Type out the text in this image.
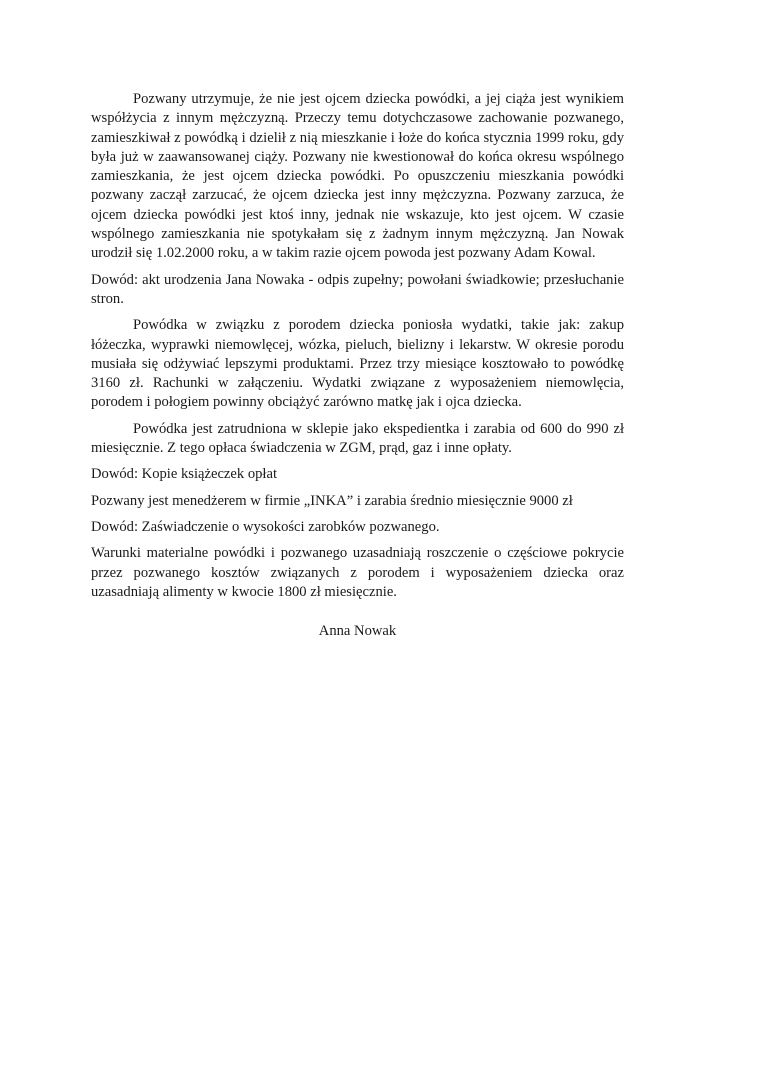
Pozwany utrzymuje, że nie jest ojcem dziecka powódki, a jej ciąża jest wynikiem współżycia z innym mężczyzną. Przeczy temu dotychczasowe zachowanie pozwanego, zamieszkiwał z powódką i dzielił z nią mieszkanie i łoże do końca stycznia 1999 roku, gdy była już w zaawansowanej ciąży. Pozwany nie kwestionował do końca okresu wspólnego zamieszkania, że jest ojcem dziecka powódki. Po opuszczeniu mieszkania powódki pozwany zaczął zarzucać, że ojcem dziecka jest inny mężczyzna. Pozwany zarzuca, że ojcem dziecka powódki jest ktoś inny, jednak nie wskazuje, kto jest ojcem. W czasie wspólnego zamieszkania nie spotykałam się z żadnym innym mężczyzną. Jan Nowak urodził się 1.02.2000 roku, a w takim razie ojcem powoda jest pozwany Adam Kowal.

Dowód: akt urodzenia Jana Nowaka - odpis zupełny; powołani świadkowie; przesłuchanie stron.

Powódka w związku z porodem dziecka poniosła wydatki, takie jak: zakup łóżeczka, wyprawki niemowlęcej, wózka, pieluch, bielizny i lekarstw. W okresie porodu musiała się odżywiać lepszymi produktami. Przez trzy miesiące kosztowało to powódkę 3160 zł. Rachunki w załączeniu. Wydatki związane z wyposażeniem niemowlęcia, porodem i połogiem powinny obciążyć zarówno matkę jak i ojca dziecka.

Powódka jest zatrudniona w sklepie jako ekspedientka i zarabia od 600 do 990 zł miesięcznie. Z tego opłaca świadczenia w ZGM, prąd, gaz i inne opłaty.

Dowód: Kopie książeczek opłat

Pozwany jest menedżerem w firmie „INKA” i zarabia średnio miesięcznie 9000 zł

Dowód: Zaświadczenie o wysokości zarobków pozwanego.

Warunki materialne powódki i pozwanego uzasadniają roszczenie o częściowe pokrycie przez pozwanego kosztów związanych z porodem i wyposażeniem dziecka oraz uzasadniają alimenty w kwocie 1800 zł miesięcznie.

Anna Nowak
